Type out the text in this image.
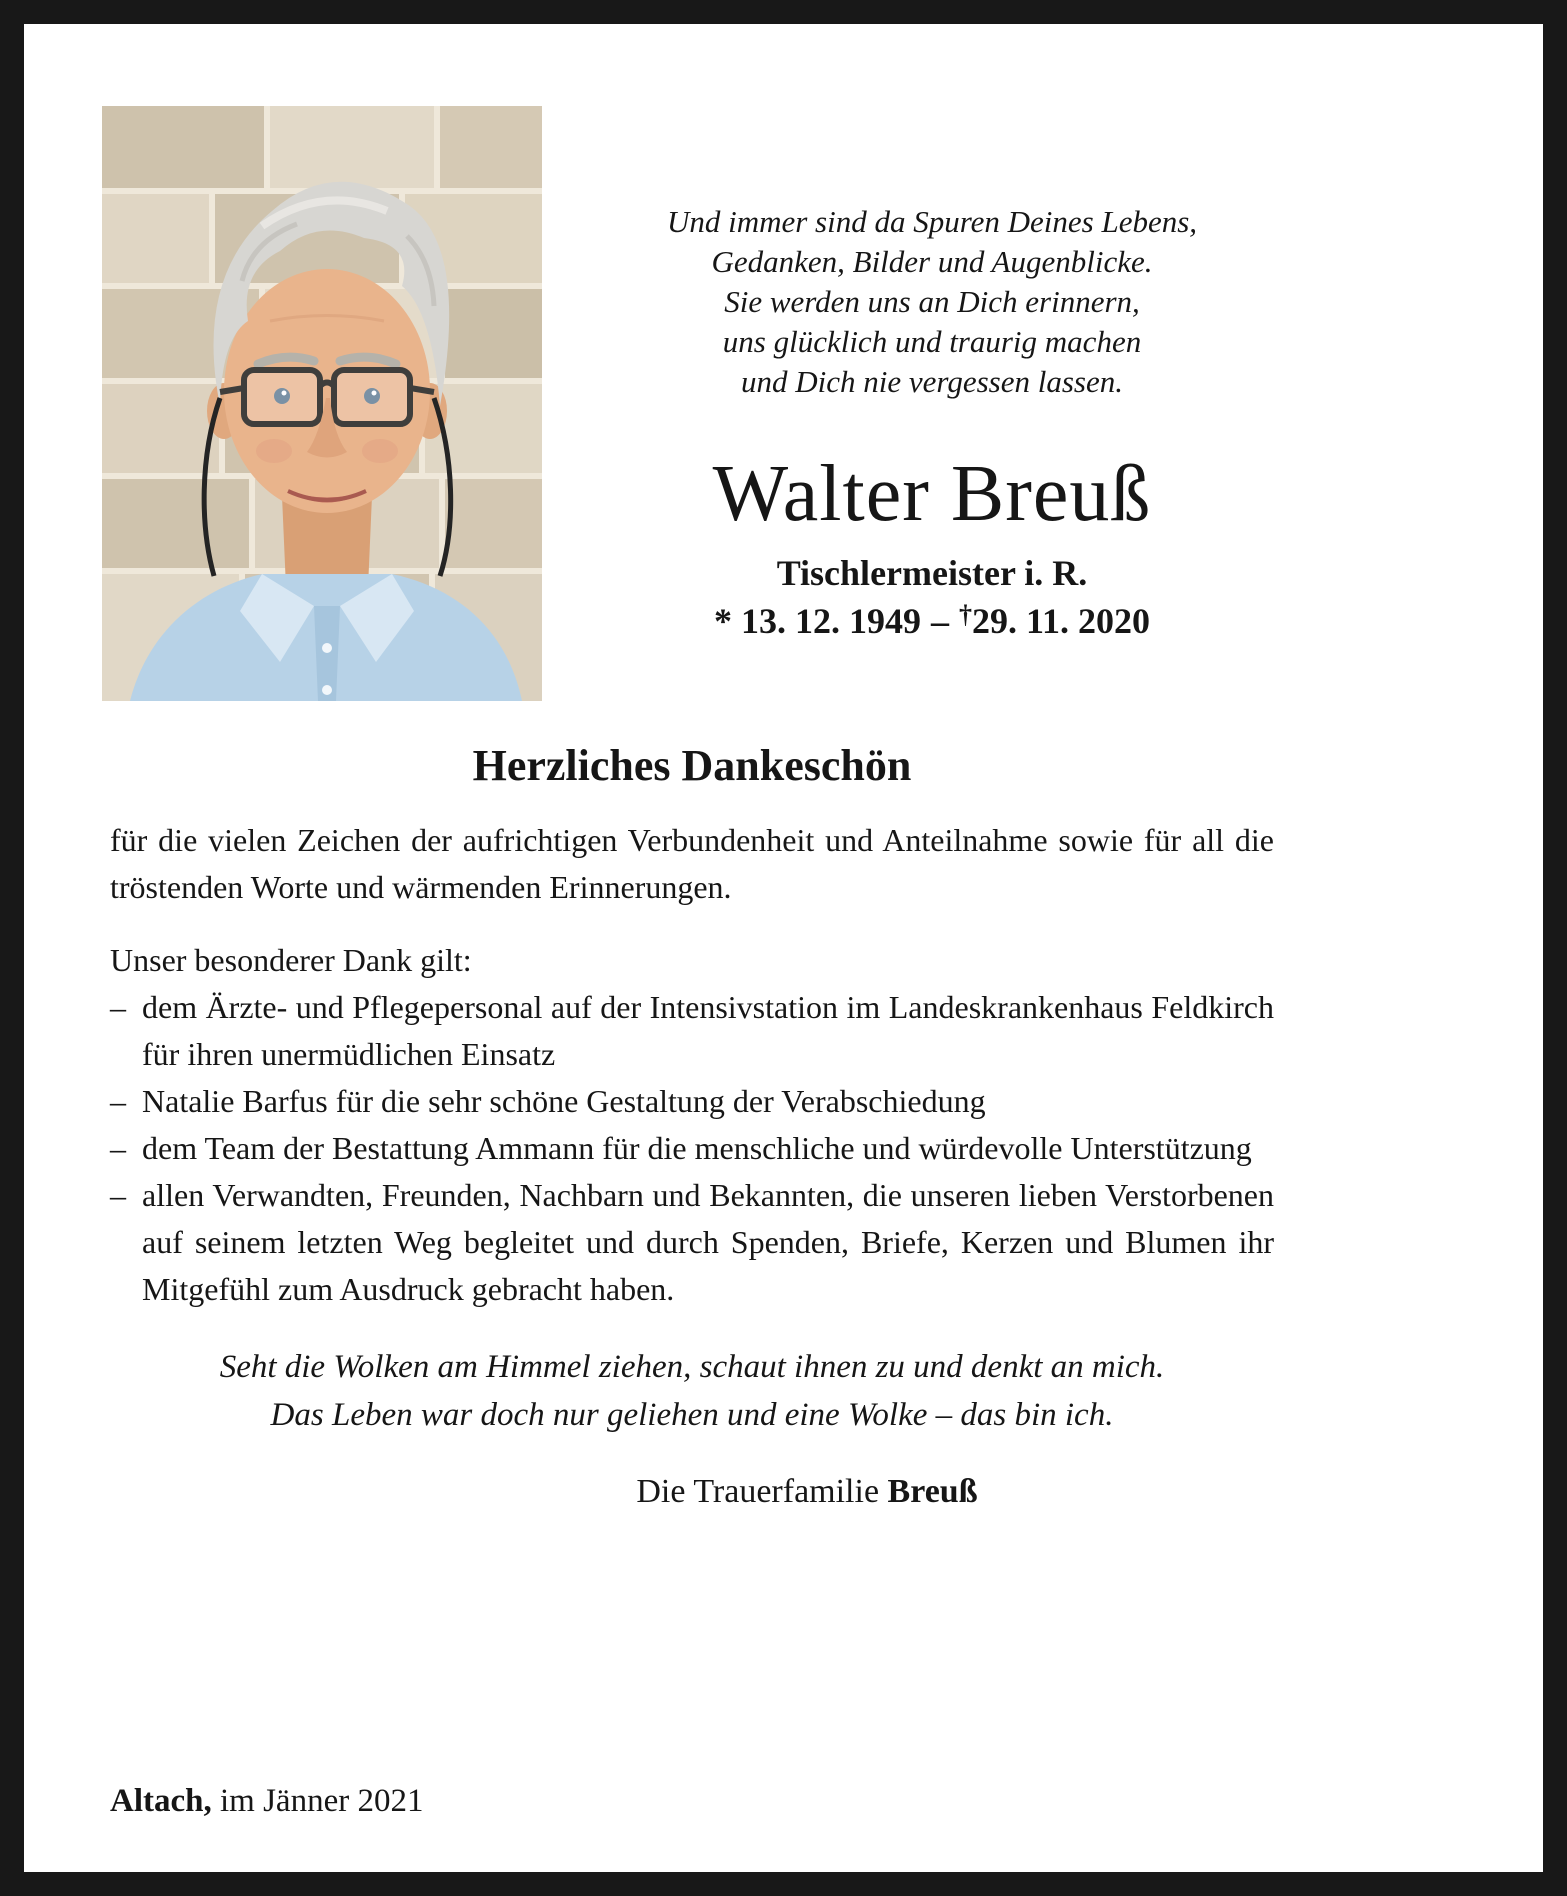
Und immer sind da Spuren Deines Lebens,
Gedanken, Bilder und Augenblicke.
Sie werden uns an Dich erinnern,
uns glücklich und traurig machen
und Dich nie vergessen lassen.
Walter Breuß
Tischlermeister i. R.
* 13. 12. 1949 – †29. 11. 2020
Herzliches Dankeschön

für die vielen Zeichen der aufrichtigen Verbundenheit und Anteilnahme sowie für all die tröstenden Worte und wärmenden Erinnerungen.

Unser besonderer Dank gilt:

– dem Ärzte- und Pflegepersonal auf der Intensivstation im Landeskrankenhaus Feldkirch für ihren unermüdlichen Einsatz
– Natalie Barfus für die sehr schöne Gestaltung der Verabschiedung
– dem Team der Bestattung Ammann für die menschliche und würdevolle Unterstützung
– allen Verwandten, Freunden, Nachbarn und Bekannten, die unseren lieben Verstorbenen auf seinem letzten Weg begleitet und durch Spenden, Briefe, Kerzen und Blumen ihr Mitgefühl zum Ausdruck gebracht haben.
Seht die Wolken am Himmel ziehen, schaut ihnen zu und denkt an mich.
Das Leben war doch nur geliehen und eine Wolke – das bin ich.
Die Trauerfamilie Breuß
Altach, im Jänner 2021
